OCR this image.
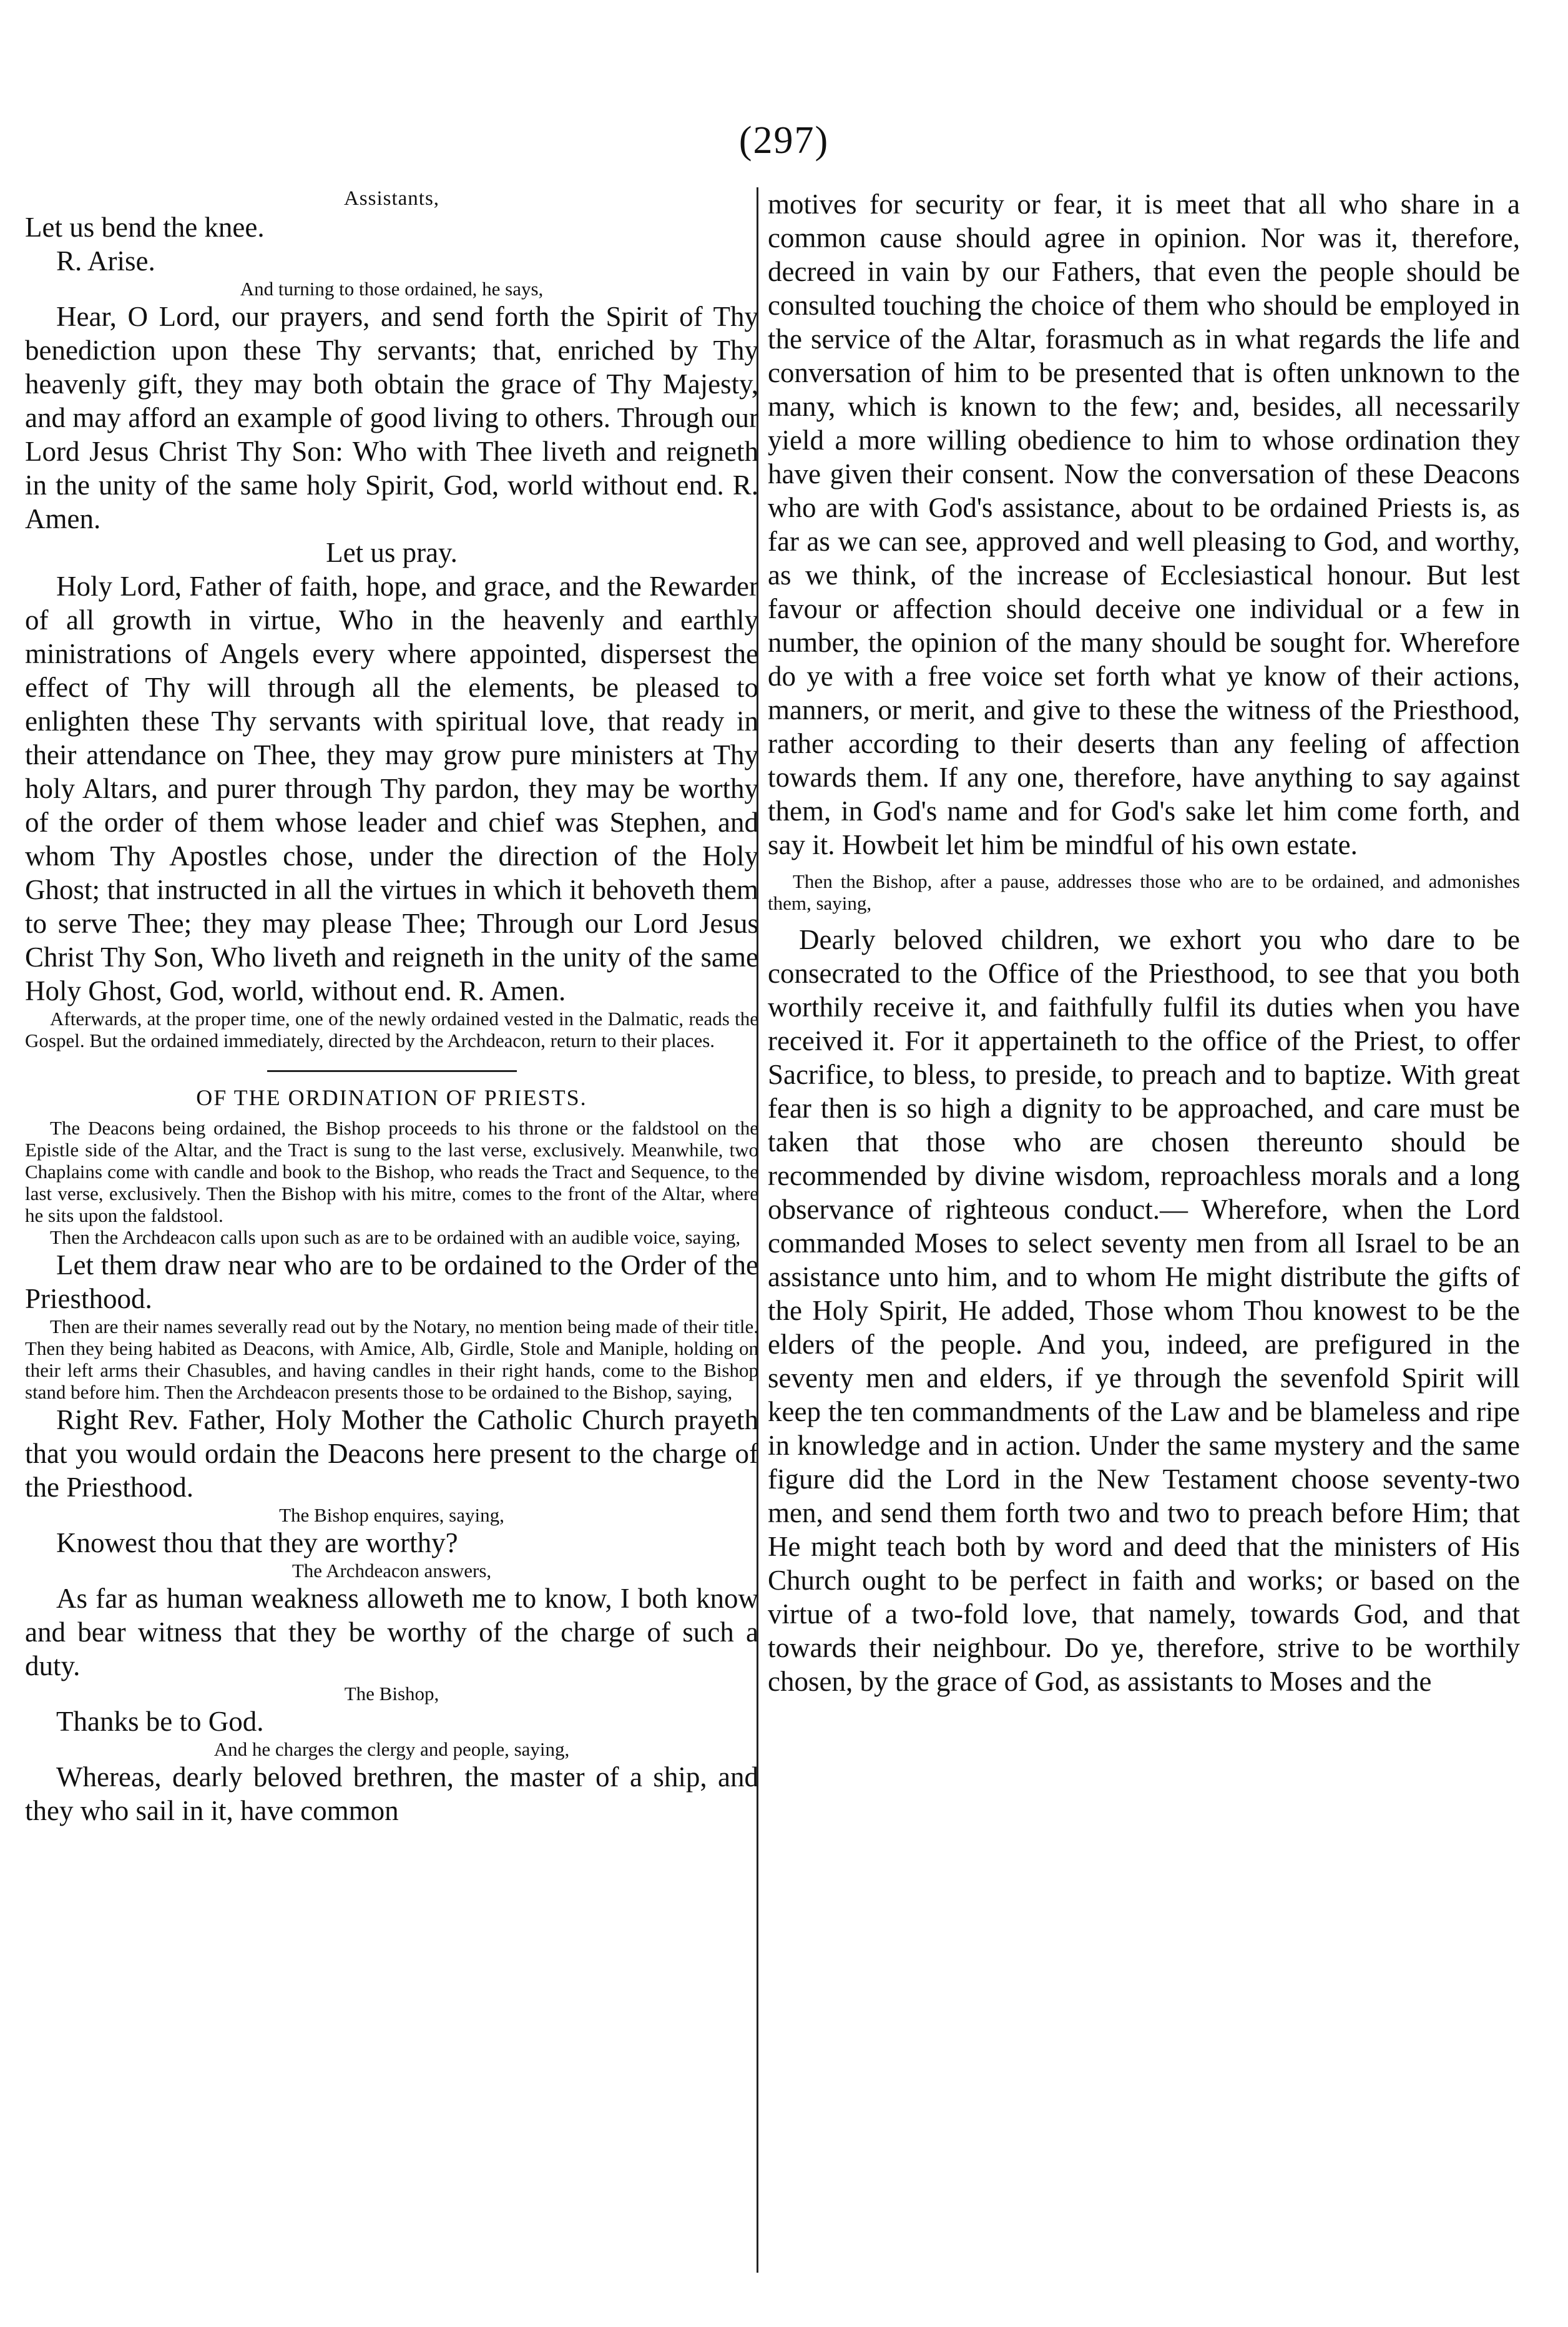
(297)
Assistants,

Let us bend the knee.

R. Arise.

And turning to those ordained, he says,

Hear, O Lord, our prayers, and send forth the Spirit of Thy benediction upon these Thy servants; that, enriched by Thy heavenly gift, they may both obtain the grace of Thy Majesty, and may afford an example of good living to others. Through our Lord Jesus Christ Thy Son: Who with Thee liveth and reigneth in the unity of the same holy Spirit, God, world without end. R. Amen.

Let us pray.

Holy Lord, Father of faith, hope, and grace, and the Rewarder of all growth in virtue, Who in the heavenly and earthly ministrations of Angels every where appointed, dispersest the effect of Thy will through all the elements, be pleased to enlighten these Thy servants with spiritual love, that ready in their attendance on Thee, they may grow pure ministers at Thy holy Altars, and purer through Thy pardon, they may be worthy of the order of them whose leader and chief was Stephen, and whom Thy Apostles chose, under the direction of the Holy Ghost; that instructed in all the virtues in which it behoveth them to serve Thee; they may please Thee; Through our Lord Jesus Christ Thy Son, Who liveth and reigneth in the unity of the same Holy Ghost, God, world, without end. R. Amen.

Afterwards, at the proper time, one of the newly ordained vested in the Dalmatic, reads the Gospel. But the ordained immediately, directed by the Archdeacon, return to their places.

OF THE ORDINATION OF PRIESTS.

The Deacons being ordained, the Bishop proceeds to his throne or the faldstool on the Epistle side of the Altar, and the Tract is sung to the last verse, exclusively. Meanwhile, two Chaplains come with candle and book to the Bishop, who reads the Tract and Sequence, to the last verse, exclusively. Then the Bishop with his mitre, comes to the front of the Altar, where he sits upon the faldstool.

Then the Archdeacon calls upon such as are to be ordained with an audible voice, saying,

Let them draw near who are to be ordained to the Order of the Priesthood.

Then are their names severally read out by the Notary, no mention being made of their title. Then they being habited as Deacons, with Amice, Alb, Girdle, Stole and Maniple, holding on their left arms their Chasubles, and having candles in their right hands, come to the Bishop stand before him. Then the Archdeacon presents those to be ordained to the Bishop, saying,

Right Rev. Father, Holy Mother the Catholic Church prayeth that you would ordain the Deacons here present to the charge of the Priesthood.

The Bishop enquires, saying,

Knowest thou that they are worthy?

The Archdeacon answers,

As far as human weakness alloweth me to know, I both know and bear witness that they be worthy of the charge of such a duty.

The Bishop,

Thanks be to God.

And he charges the clergy and people, saying,

Whereas, dearly beloved brethren, the master of a ship, and they who sail in it, have common

motives for security or fear, it is meet that all who share in a common cause should agree in opinion. Nor was it, therefore, decreed in vain by our Fathers, that even the people should be consulted touching the choice of them who should be employed in the service of the Altar, forasmuch as in what regards the life and conversation of him to be presented that is often unknown to the many, which is known to the few; and, besides, all necessarily yield a more willing obedience to him to whose ordination they have given their consent. Now the conversation of these Deacons who are with God's assistance, about to be ordained Priests is, as far as we can see, approved and well pleasing to God, and worthy, as we think, of the increase of Ecclesiastical honour. But lest favour or affection should deceive one individual or a few in number, the opinion of the many should be sought for. Wherefore do ye with a free voice set forth what ye know of their actions, manners, or merit, and give to these the witness of the Priesthood, rather according to their deserts than any feeling of affection towards them. If any one, therefore, have anything to say against them, in God's name and for God's sake let him come forth, and say it. Howbeit let him be mindful of his own estate.

Then the Bishop, after a pause, addresses those who are to be ordained, and admonishes them, saying,

Dearly beloved children, we exhort you who dare to be consecrated to the Office of the Priesthood, to see that you both worthily receive it, and faithfully fulfil its duties when you have received it. For it appertaineth to the office of the Priest, to offer Sacrifice, to bless, to preside, to preach and to baptize. With great fear then is so high a dignity to be approached, and care must be taken that those who are chosen thereunto should be recommended by divine wisdom, reproachless morals and a long observance of righteous conduct.— Wherefore, when the Lord commanded Moses to select seventy men from all Israel to be an assistance unto him, and to whom He might distribute the gifts of the Holy Spirit, He added, Those whom Thou knowest to be the elders of the people. And you, indeed, are prefigured in the seventy men and elders, if ye through the sevenfold Spirit will keep the ten commandments of the Law and be blameless and ripe in knowledge and in action. Under the same mystery and the same figure did the Lord in the New Testament choose seventy-two men, and send them forth two and two to preach before Him; that He might teach both by word and deed that the ministers of His Church ought to be perfect in faith and works; or based on the virtue of a two-fold love, that namely, towards God, and that towards their neighbour. Do ye, therefore, strive to be worthily chosen, by the grace of God, as assistants to Moses and the
